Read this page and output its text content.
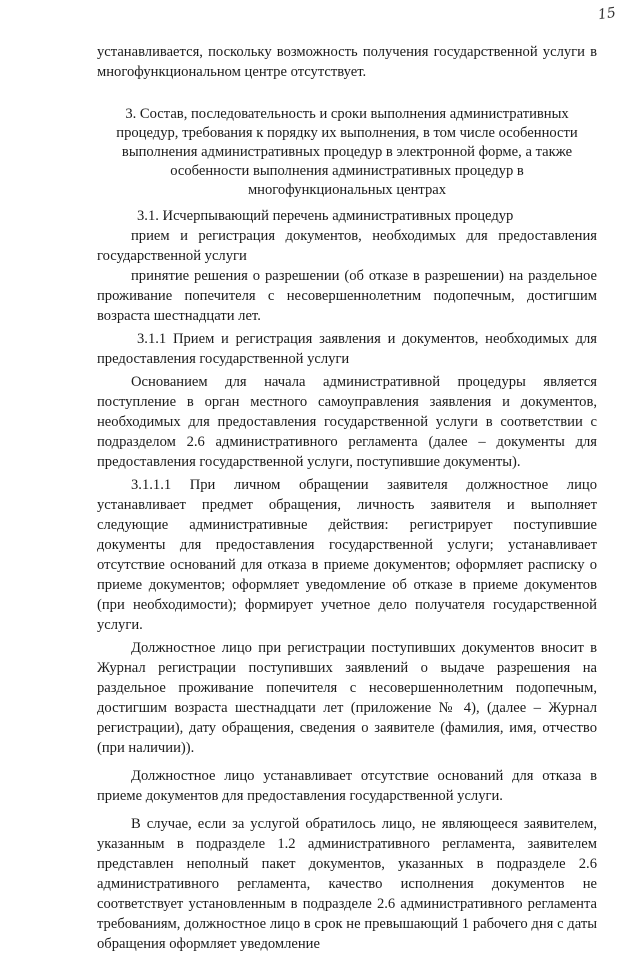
15

устанавливается, поскольку возможность получения государственной услуги в многофункциональном центре отсутствует.

3. Состав, последовательность и сроки выполнения административных процедур, требования к порядку их выполнения, в том числе особенности выполнения административных процедур в электронной форме, а также особенности выполнения административных процедур в многофункциональных центрах

3.1. Исчерпывающий перечень административных процедур

прием и регистрация документов, необходимых для предоставления государственной услуги

принятие решения о разрешении (об отказе в разрешении) на раздельное проживание попечителя с несовершеннолетним подопечным, достигшим возраста шестнадцати лет.

3.1.1 Прием и регистрация заявления и документов, необходимых для предоставления государственной услуги

Основанием для начала административной процедуры является поступление в орган местного самоуправления заявления и документов, необходимых для предоставления государственной услуги в соответствии с подразделом 2.6 административного регламента (далее – документы для предоставления государственной услуги, поступившие документы).

3.1.1.1 При личном обращении заявителя должностное лицо устанавливает предмет обращения, личность заявителя и выполняет следующие административные действия: регистрирует поступившие документы для предоставления государственной услуги; устанавливает отсутствие оснований для отказа в приеме документов; оформляет расписку о приеме документов; оформляет уведомление об отказе в приеме документов (при необходимости); формирует учетное дело получателя государственной услуги.

Должностное лицо при регистрации поступивших документов вносит в Журнал регистрации поступивших заявлений о выдаче разрешения на раздельное проживание попечителя с несовершеннолетним подопечным, достигшим возраста шестнадцати лет (приложение № 4), (далее – Журнал регистрации), дату обращения, сведения о заявителе (фамилия, имя, отчество (при наличии)).

Должностное лицо устанавливает отсутствие оснований для отказа в приеме документов для предоставления государственной услуги.

В случае, если за услугой обратилось лицо, не являющееся заявителем, указанным в подразделе 1.2 административного регламента, заявителем представлен неполный пакет документов, указанных в подразделе 2.6 административного регламента, качество исполнения документов не соответствует установленным в подразделе 2.6 административного регламента требованиям, должностное лицо в срок не превышающий 1 рабочего дня с даты обращения оформляет уведомление
